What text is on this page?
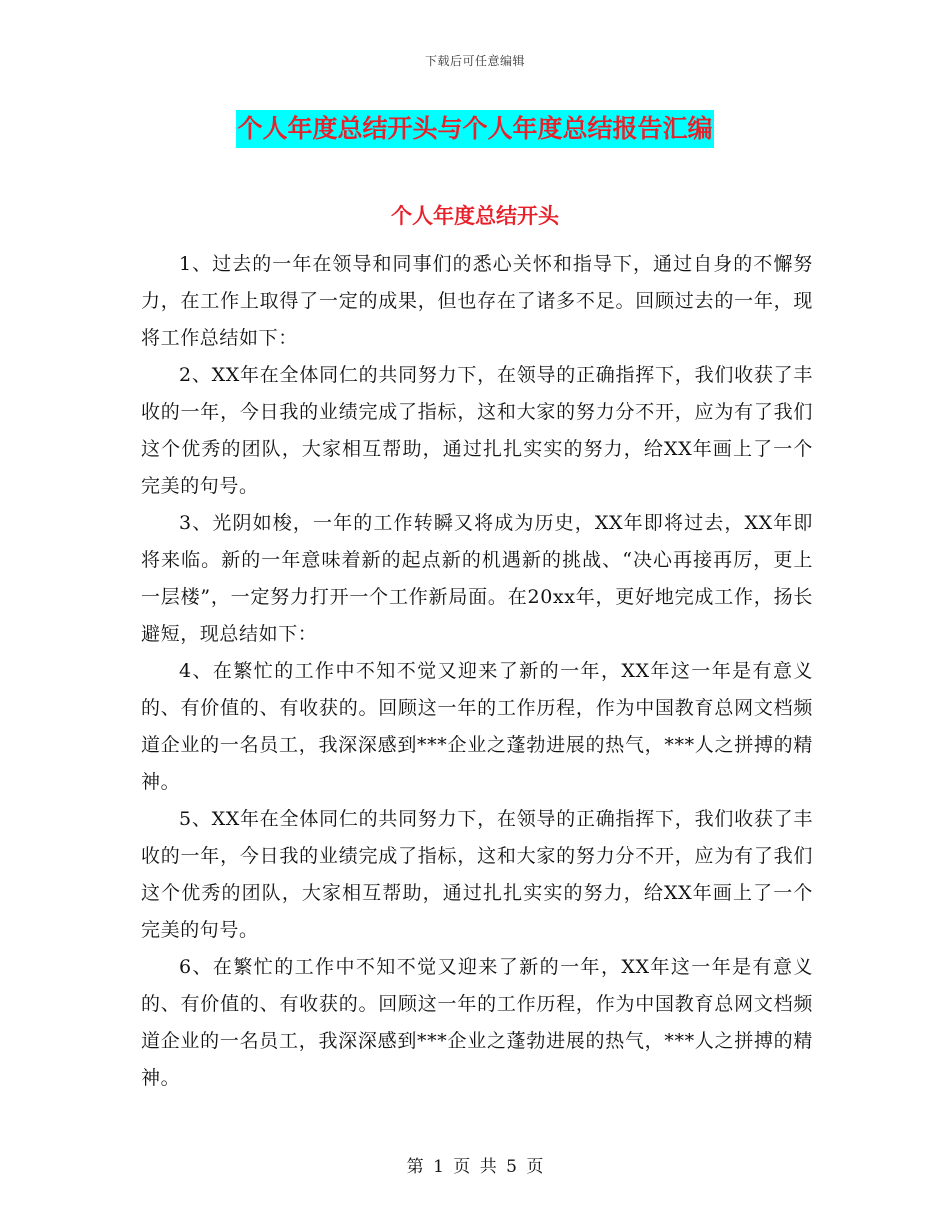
下载后可任意编辑
个人年度总结开头与个人年度总结报告汇编
个人年度总结开头

1、过去的一年在领导和同事们的悉心关怀和指导下，通过自身的不懈努力，在工作上取得了一定的成果，但也存在了诸多不足。回顾过去的一年，现将工作总结如下：

2、XX年在全体同仁的共同努力下，在领导的正确指挥下，我们收获了丰收的一年，今日我的业绩完成了指标，这和大家的努力分不开，应为有了我们这个优秀的团队，大家相互帮助，通过扎扎实实的努力，给XX年画上了一个完美的句号。

3、光阴如梭，一年的工作转瞬又将成为历史，XX年即将过去，XX年即将来临。新的一年意味着新的起点新的机遇新的挑战、“决心再接再厉，更上一层楼”，一定努力打开一个工作新局面。在20xx年，更好地完成工作，扬长避短，现总结如下：

4、在繁忙的工作中不知不觉又迎来了新的一年，XX年这一年是有意义的、有价值的、有收获的。回顾这一年的工作历程，作为中国教育总网文档频道企业的一名员工，我深深感到***企业之蓬勃进展的热气，***人之拼搏的精神。

5、XX年在全体同仁的共同努力下，在领导的正确指挥下，我们收获了丰收的一年，今日我的业绩完成了指标，这和大家的努力分不开，应为有了我们这个优秀的团队，大家相互帮助，通过扎扎实实的努力，给XX年画上了一个完美的句号。

6、在繁忙的工作中不知不觉又迎来了新的一年，XX年这一年是有意义的、有价值的、有收获的。回顾这一年的工作历程，作为中国教育总网文档频道企业的一名员工，我深深感到***企业之蓬勃进展的热气，***人之拼搏的精神。

第 1 页 共 5 页
